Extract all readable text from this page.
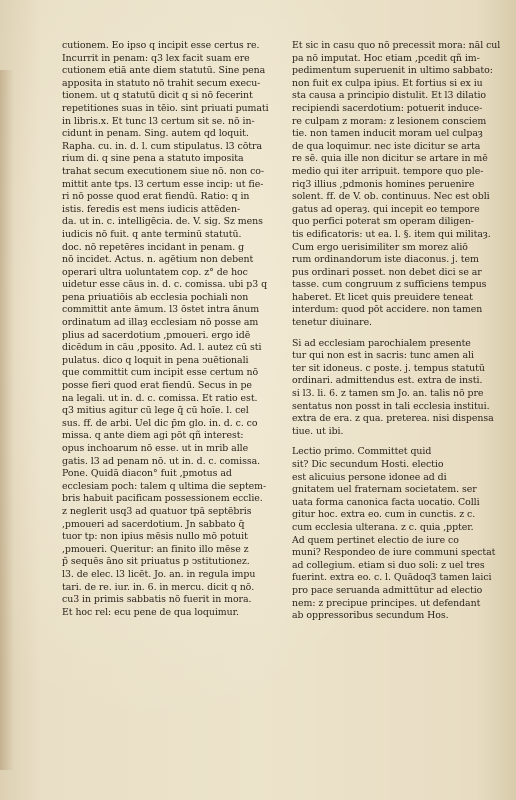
cutionem. Eo ipso q incipit esse certus re.
Incurrit in penam: q3 lex facit suam ere
cutionem etiā ante diem statutū. Sine pena
apposita in statuto nō trahit secum execu-
tionem. ut q statutū dicit q si nō fecerint
repetitiones suas in tēio. sint priuati pumati
in libris.x. Et tunc l3 certum sit se. nō in-
cidunt in penam. Sing. autem qd loquit.
Rapha. cu. in. d. l. cum stipulatus. l3 cōtra
rium di. q sine pena a statuto imposita
trahat secum executionem siue nō. non co-
mittit ante tps. l3 certum esse incip: ut fie-
ri nō posse quod erat fiendū. Ratio: q in
istis. feredis est mens iudicis attēden-
da. ut in. c. intelligēcia. de. V. sig. Sz mens
iudicis nō fuit. q ante terminū statutū.
doc. nō repetēres incidant in penam. g
nō incidet. Actus. n. agētium non debent
operari ultra uoluntatem cop. z° de hoc
uidetur esse cāus in. d. c. comissa. ubi p3 q
pena priuatiōis ab ecclesia pochiali non
committit ante āmum. l3 ōstet intra ānum
ordinatum ad illaȝ ecclesiam nō posse am
plius ad sacerdotium ,pmoueri. ergo idē
dicēdum in cāu ,pposito. Ad. l. autez cū sti
pulatus. dico q loquit in pena ↄuētionali
que committit cum incipit esse certum nō
posse fieri quod erat fiendū. Secus in pe
na legali. ut in. d. c. comissa. Et ratio est.
q3 mitius agitur cū lege q̄ cū hoīe. l. cel
sus. ff. de arbi. Uel dic p̄m glo. in. d. c. co
missa. q ante diem agi pōt qñ interest:
opus inchoarum nō esse. ut in mrib alle
gatis. l3 ad penam nō. ut in. d. c. comissa.
Pone. Quidā diacon° fuit ,pmotus ad
ecclesiam poch: talem q ultima die septem-
bris habuit pacificam possessionem ecclie.
z neglerit usq3 ad quatuor tpā septēbris
,pmoueri ad sacerdotium. Jn sabbato q̄
tuor tp: non ipius mēsis nullo mō potuit
,pmoueri. Queritur: an finito illo mēse z
p̄ sequēs āno sit priuatus p ↄstitutionez.
l3. de elec. l3 licēt. Jo. an. in regula impu
tari. de re. iur. in. 6. in mercu. dicit q nō.
cu3 in primis sabbatis nō fuerit in mora.
Et hoc rel: ecu pene de qua loquimur.
Et sic in casu quo nō precessit mora: nāl cul
pa nō imputat. Hoc etiam ,pcedit qñ im-
pedimentum superuenit in ultimo sabbato:
non fuit ex culpa ipius. Et fortius si ex iu
sta causa a principio distulit. Et l3 dilatio
recipiendi sacerdotium: potuerit induce-
re culpam z moram: z lesionem consciem
tie. non tamen inducit moram uel culpaȝ
de qua loquimur. nec iste dicitur se arta
re sē. quia ille non dicitur se artare in mē
medio qui iter arripuit. tempore quo ple-
riq3 illius ,pdmonis homines peruenire
solent. ff. de V. ob. continuus. Nec est obli
gatus ad operaȝ. qui incepit eo tempore
quo perfici poterat sm operam diligen-
tis edificatoris: ut ea. l. §. item qui militaȝ.
Cum ergo uerisimiliter sm morez aliō
rum ordinandorum iste diaconus. j. tem
pus ordinari posset. non debet dici se ar
tasse. cum congruum z sufficiens tempus
haberet. Et licet quis preuidere teneat
interdum: quod pōt accidere. non tamen
tenetur diuinare.
Si ad ecclesiam parochialem presente
tur qui non est in sacris: tunc amen ali
ter sit idoneus. c poste. j. tempus statutū
ordinari. admittendus est. extra de insti.
si l3. li. 6. z tamen sm Jo. an. talis nō pre
sentatus non posst in tali ecclesia institui.
extra de era. z qua. preterea. nisi dispensa
tiue. ut ibi.
Lectio primo. Committet quid
sit? Dic secundum Hosti. electio
est alicuius persone idonee ad di
gnitatem uel fraternam societatem. ser
uata forma canonica facta uocatio. Colli
gitur hoc. extra eo. cum in cunctis. z c.
cum ecclesia ulterana. z c. quia ,ppter.
Ad quem pertinet electio de iure co
muni? Respondeo de iure communi spectat
ad collegium. etiam si duo soli: z uel tres
fuerint. extra eo. c. l. Quādoq3 tamen laici
pro pace seruanda admittūtur ad electio
nem: z precipue principes. ut defendant
ab oppressoribus secundum Hos.
